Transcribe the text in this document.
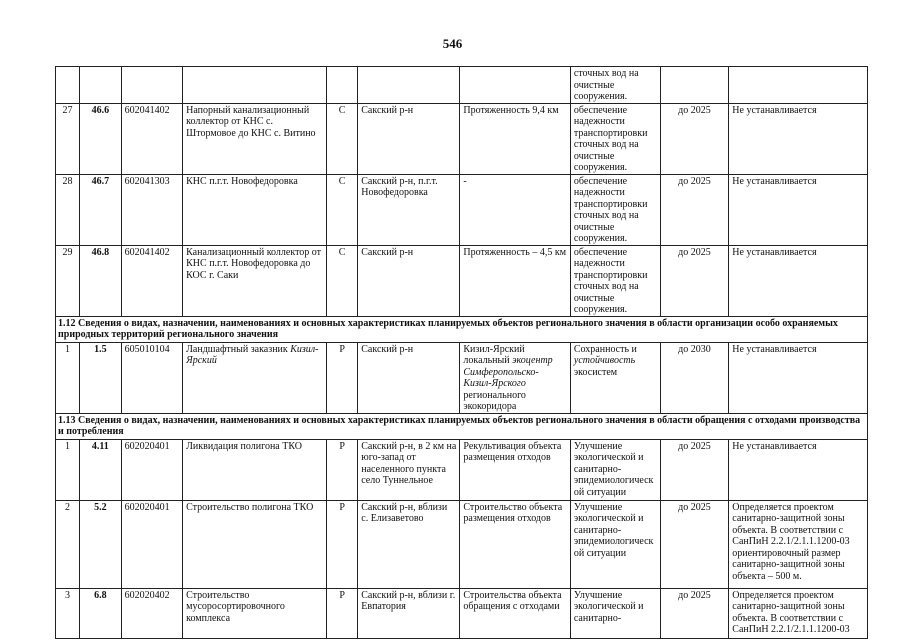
546
							сточных вод на очистные сооружения.		
27	46.6	602041402	Напорный канализационный коллектор от КНС с. Штормовое до КНС с. Витино	С	Сакский р-н	Протяженность 9,4 км	обеспечение надежности транспортировки сточных вод на очистные сооружения.	до 2025	Не устанавливается
28	46.7	602041303	КНС п.г.т. Новофедоровка	С	Сакский р-н, п.г.т. Новофедоровка	-	обеспечение надежности транспортировки сточных вод на очистные сооружения.	до 2025	Не устанавливается
29	46.8	602041402	Канализационный коллектор от КНС п.г.т. Новофедоровка до КОС г. Саки	С	Сакский р-н	Протяженность – 4,5 км	обеспечение надежности транспортировки сточных вод на очистные сооружения.	до 2025	Не устанавливается
1.12 Сведения о видах, назначении, наименованиях и основных характеристиках планируемых объектов регионального значения в области организации особо охраняемых природных территорий регионального значения									
1	1.5	605010104	Ландшафтный заказник Кизил-Ярский	Р	Сакский р-н	Кизил-Ярский локальный экоцентр Симферопольско-Кизил-Ярского регионального экокоридора	Сохранность и устойчивость экосистем	до 2030	Не устанавливается
1.13 Сведения о видах, назначении, наименованиях и основных характеристиках планируемых объектов регионального значения в области обращения с отходами производства и потребления									
1	4.11	602020401	Ликвидация полигона ТКО	Р	Сакский р-н, в 2 км на юго-запад от населенного пункта село Туннельное	Рекультивация объекта размещения отходов	Улучшение экологической и санитарно-эпидемиологической ситуации	до 2025	Не устанавливается
2	5.2	602020401	Строительство полигона ТКО	Р	Сакский р-н, вблизи с. Елизаветово	Строительство объекта размещения отходов	Улучшение экологической и санитарно-эпидемиологической ситуации	до 2025	Определяется проектом санитарно-защитной зоны объекта. В соответствии с СанПиН 2.2.1/2.1.1.1200-03 ориентировочный размер санитарно-защитной зоны объекта – 500 м.
3	6.8	602020402	Строительство мусоросортировочного комплекса	Р	Сакский р-н, вблизи г. Евпатория	Строительства объекта обращения с отходами	Улучшение экологической и санитарно-	до 2025	Определяется проектом санитарно-защитной зоны объекта. В соответствии с СанПиН 2.2.1/2.1.1.1200-03
